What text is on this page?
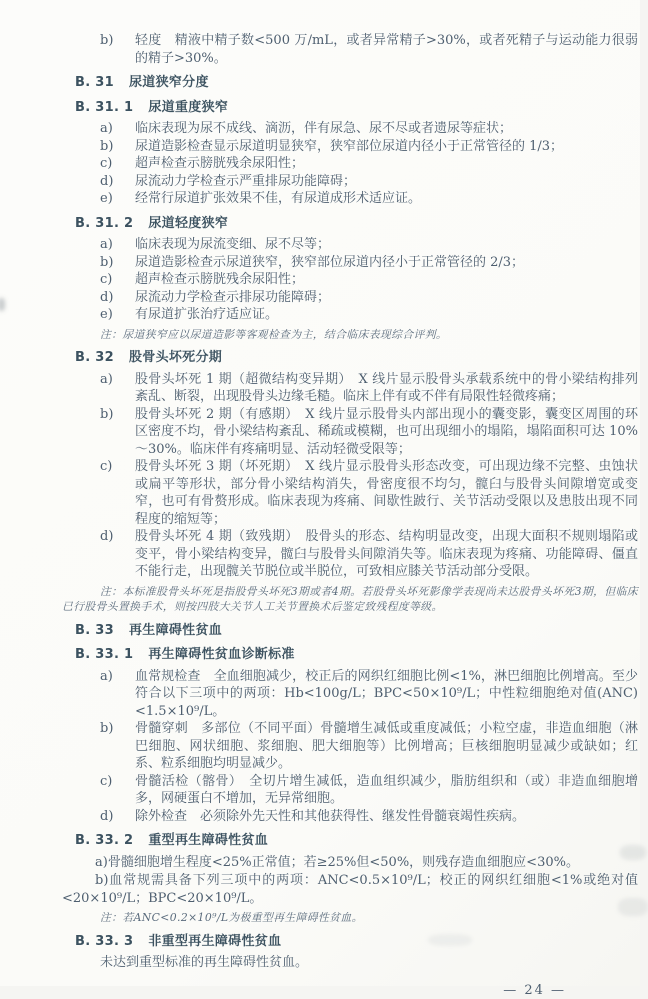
b)	轻度　精液中精子数<500 万/mL，或者异常精子>30%，或者死精子与运动能力很弱的精子>30%。
B. 31 尿道狭窄分度
B. 31. 1 尿道重度狭窄
a)	临床表现为尿不成线、滴沥，伴有尿急、尿不尽或者遗尿等症状；
b)	尿道造影检查显示尿道明显狭窄，狭窄部位尿道内径小于正常管径的 1/3；
c)	超声检查示膀胱残余尿阳性；
d)	尿流动力学检查示严重排尿功能障碍；
e)	经常行尿道扩张效果不佳，有尿道成形术适应证。
B. 31. 2 尿道轻度狭窄
a)	临床表现为尿流变细、尿不尽等；
b)	尿道造影检查示尿道狭窄，狭窄部位尿道内径小于正常管径的 2/3；
c)	超声检查示膀胱残余尿阳性；
d)	尿流动力学检查示排尿功能障碍；
e)	有尿道扩张治疗适应证。
注：尿道狭窄应以尿道造影等客观检查为主，结合临床表现综合评判。
B. 32 股骨头坏死分期
a)	股骨头坏死 1 期（超微结构变异期）　X 线片显示股骨头承载系统中的骨小梁结构排列紊乱、断裂，出现股骨头边缘毛糙。临床上伴有或不伴有局限性轻微疼痛；
b)	股骨头坏死 2 期（有感期）　X 线片显示股骨头内部出现小的囊变影，囊变区周围的环区密度不均，骨小梁结构紊乱、稀疏或模糊，也可出现细小的塌陷，塌陷面积可达 10%～30%。临床伴有疼痛明显、活动轻微受限等；
c)	股骨头坏死 3 期（坏死期）　X 线片显示股骨头形态改变，可出现边缘不完整、虫蚀状或扁平等形状，部分骨小梁结构消失，骨密度很不均匀，髋臼与股骨头间隙增宽或变窄，也可有骨赘形成。临床表现为疼痛、间歇性跛行、关节活动受限以及患肢出现不同程度的缩短等；
d)	股骨头坏死 4 期（致残期）　股骨头的形态、结构明显改变，出现大面积不规则塌陷或变平，骨小梁结构变异，髋臼与股骨头间隙消失等。临床表现为疼痛、功能障碍、僵直不能行走，出现髋关节脱位或半脱位，可致相应膝关节活动部分受限。
注：本标准股骨头坏死是指股骨头坏死3期或者4期。若股骨头坏死影像学表现尚未达股骨头坏死3期，但临床已行股骨头置换手术，则按四肢大关节人工关节置换术后鉴定致残程度等级。
B. 33 再生障碍性贫血
B. 33. 1 再生障碍性贫血诊断标准
a)	血常规检查　全血细胞减少，校正后的网织红细胞比例<1%，淋巴细胞比例增高。至少符合以下三项中的两项：Hb<100g/L；BPC<50×10⁹/L；中性粒细胞绝对值(ANC)<1.5×10⁹/L。
b)	骨髓穿刺　多部位（不同平面）骨髓增生减低或重度减低；小粒空虚，非造血细胞（淋巴细胞、网状细胞、浆细胞、肥大细胞等）比例增高；巨核细胞明显减少或缺如；红系、粒系细胞均明显减少。
c)	骨髓活检（髂骨）　全切片增生减低，造血组织减少，脂肪组织和（或）非造血细胞增多，网硬蛋白不增加，无异常细胞。
d)	除外检查　必须除外先天性和其他获得性、继发性骨髓衰竭性疾病。
B. 33. 2 重型再生障碍性贫血
a)骨髓细胞增生程度<25%正常值；若≥25%但<50%，则残存造血细胞应<30%。
b)血常规需具备下列三项中的两项：ANC<0.5×10⁹/L；校正的网织红细胞<1%或绝对值<20×10⁹/L；BPC<20×10⁹/L。
注：若ANC<0.2×10⁹/L为极重型再生障碍性贫血。
B. 33. 3 非重型再生障碍性贫血
未达到重型标准的再生障碍性贫血。
— 24 —
